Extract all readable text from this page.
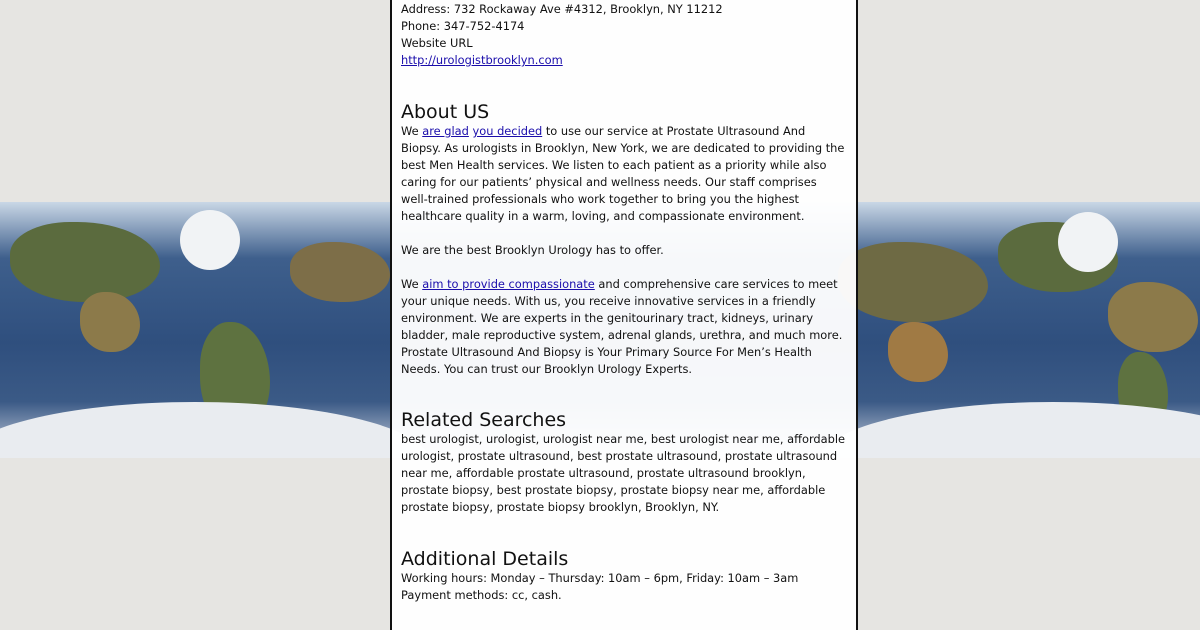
Address: 732 Rockaway Ave #4312, Brooklyn, NY 11212
Phone: 347-752-4174
Website URL
http://urologistbrooklyn.com
About US

We are glad you decided to use our service at Prostate Ultrasound And Biopsy. As urologists in Brooklyn, New York, we are dedicated to providing the best Men Health services. We listen to each patient as a priority while also caring for our patients’ physical and wellness needs. Our staff comprises well-trained professionals who work together to bring you the highest healthcare quality in a warm, loving, and compassionate environment.

We are the best Brooklyn Urology has to offer.

We aim to provide compassionate and comprehensive care services to meet your unique needs. With us, you receive innovative services in a friendly environment. We are experts in the genitourinary tract, kidneys, urinary bladder, male reproductive system, adrenal glands, urethra, and much more.

Prostate Ultrasound And Biopsy is Your Primary Source For Men’s Health Needs. You can trust our Brooklyn Urology Experts.

Related Searches

best urologist, urologist, urologist near me, best urologist near me, affordable urologist, prostate ultrasound, best prostate ultrasound, prostate ultrasound near me, affordable prostate ultrasound, prostate ultrasound brooklyn, prostate biopsy, best prostate biopsy, prostate biopsy near me, affordable prostate biopsy, prostate biopsy brooklyn, Brooklyn, NY.

Additional Details

Working hours: Monday – Thursday: 10am – 6pm, Friday: 10am – 3am

Payment methods: cc, cash.
